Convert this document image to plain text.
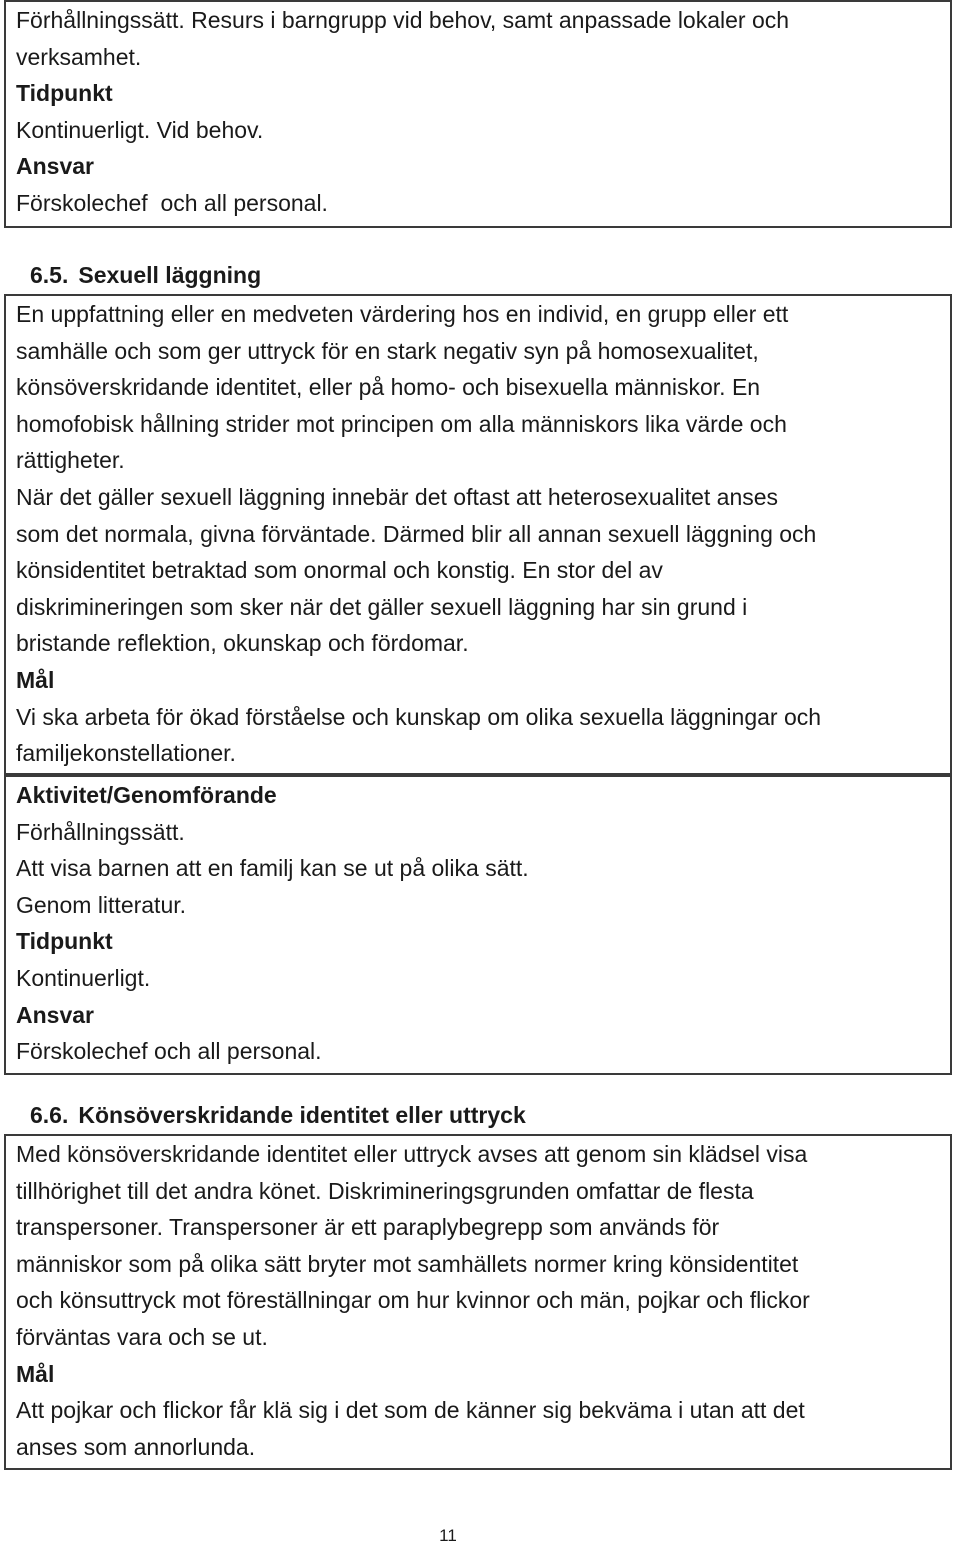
Förhållningssätt. Resurs i barngrupp vid behov, samt anpassade lokaler och
verksamhet.
Tidpunkt
Kontinuerligt. Vid behov.
Ansvar
Förskolechef  och all personal.
6.5. Sexuell läggning
En uppfattning eller en medveten värdering hos en individ, en grupp eller ett
samhälle och som ger uttryck för en stark negativ syn på homosexualitet,
könsöverskridande identitet, eller på homo- och bisexuella människor. En
homofobisk hållning strider mot principen om alla människors lika värde och
rättigheter.
När det gäller sexuell läggning innebär det oftast att heterosexualitet anses
som det normala, givna förväntade. Därmed blir all annan sexuell läggning och
könsidentitet betraktad som onormal och konstig. En stor del av
diskrimineringen som sker när det gäller sexuell läggning har sin grund i
bristande reflektion, okunskap och fördomar.
Mål
Vi ska arbeta för ökad förståelse och kunskap om olika sexuella läggningar och
familjekonstellationer.
Aktivitet/Genomförande
Förhållningssätt.
Att visa barnen att en familj kan se ut på olika sätt.
Genom litteratur.
Tidpunkt
Kontinuerligt.
Ansvar
Förskolechef och all personal.
6.6. Könsöverskridande identitet eller uttryck
Med könsöverskridande identitet eller uttryck avses att genom sin klädsel visa
tillhörighet till det andra könet. Diskrimineringsgrunden omfattar de flesta
transpersoner. Transpersoner är ett paraplybegrepp som används för
människor som på olika sätt bryter mot samhällets normer kring könsidentitet
och könsuttryck mot föreställningar om hur kvinnor och män, pojkar och flickor
förväntas vara och se ut.
Mål
Att pojkar och flickor får klä sig i det som de känner sig bekväma i utan att det
anses som annorlunda.
11
